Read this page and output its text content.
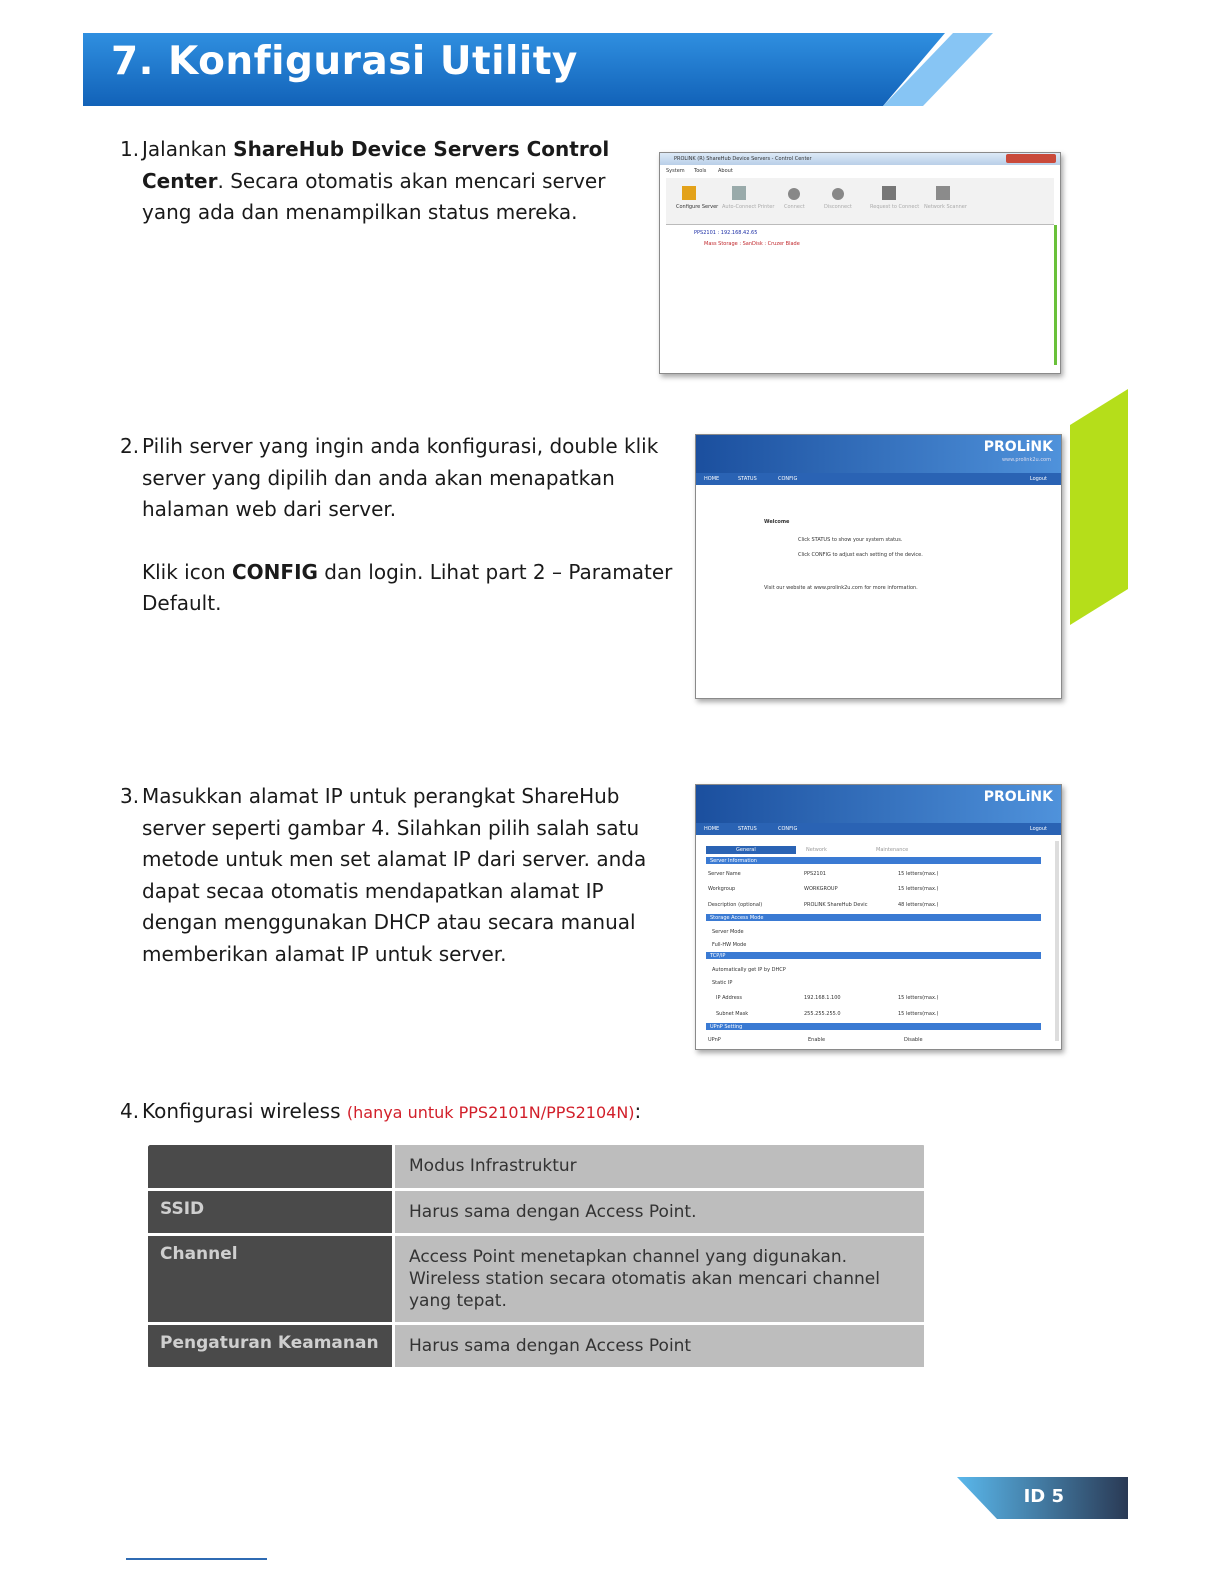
7. Konfigurasi Utility
1. Jalankan ShareHub Device Servers Control Center. Secara otomatis akan mencari server yang ada dan menampilkan status mereka.

PROLINK (R) ShareHub Device Servers - Control Center
System Tools About
Configure Server Auto-Connect Printer Connect	Disconnect	Request to Connect Network Scanner
PPS2101 : 192.168.42.65
Mass Storage : SanDisk : Cruzer Blade
2. Pilih server yang ingin anda konfigurasi, double klik server yang dipilih dan anda akan menapatkan halaman web dari server.

Klik icon CONFIG dan login. Lihat part 2 – Paramater Default.

PROLiNK
www.prolink2u.com
HOME	STATUS	CONFIG	Logout
Welcome
Click STATUS to show your system status.
Click CONFIG to adjust each setting of the device.
Visit our website at www.prolink2u.com for more information.
3. Masukkan alamat IP untuk perangkat ShareHub server seperti gambar 4. Silahkan pilih salah satu metode untuk men set alamat IP dari server. anda dapat secaa otomatis mendapatkan alamat IP dengan menggunakan DHCP atau secara manual memberikan alamat IP untuk server.

PROLiNK
HOME	STATUS	CONFIG	Logout
General	Network	Maintenance
Server Information
Server Name	PPS2101	15 letters(max.)
Workgroup	WORKGROUP	15 letters(max.)
Description (optional)	PROLINK ShareHub Devic	48 letters(max.)
Storage Access Mode
Server Mode
Full-HW Mode
TCP/IP
Automatically get IP by DHCP
Static IP
IP Address	192.168.1.100	15 letters(max.)
Subnet Mask	255.255.255.0	15 letters(max.)
UPnP Setting
UPnP	Enable	Disable
4. Konfigurasi wireless (hanya untuk PPS2101N/PPS2104N):

	Modus Infrastruktur
SSID	Harus sama dengan Access Point.
Channel	Access Point menetapkan channel yang digunakan.
Wireless station secara otomatis akan mencari channel yang tepat.

Pengaturan Keamanan	Harus sama dengan Access Point
ID 5
